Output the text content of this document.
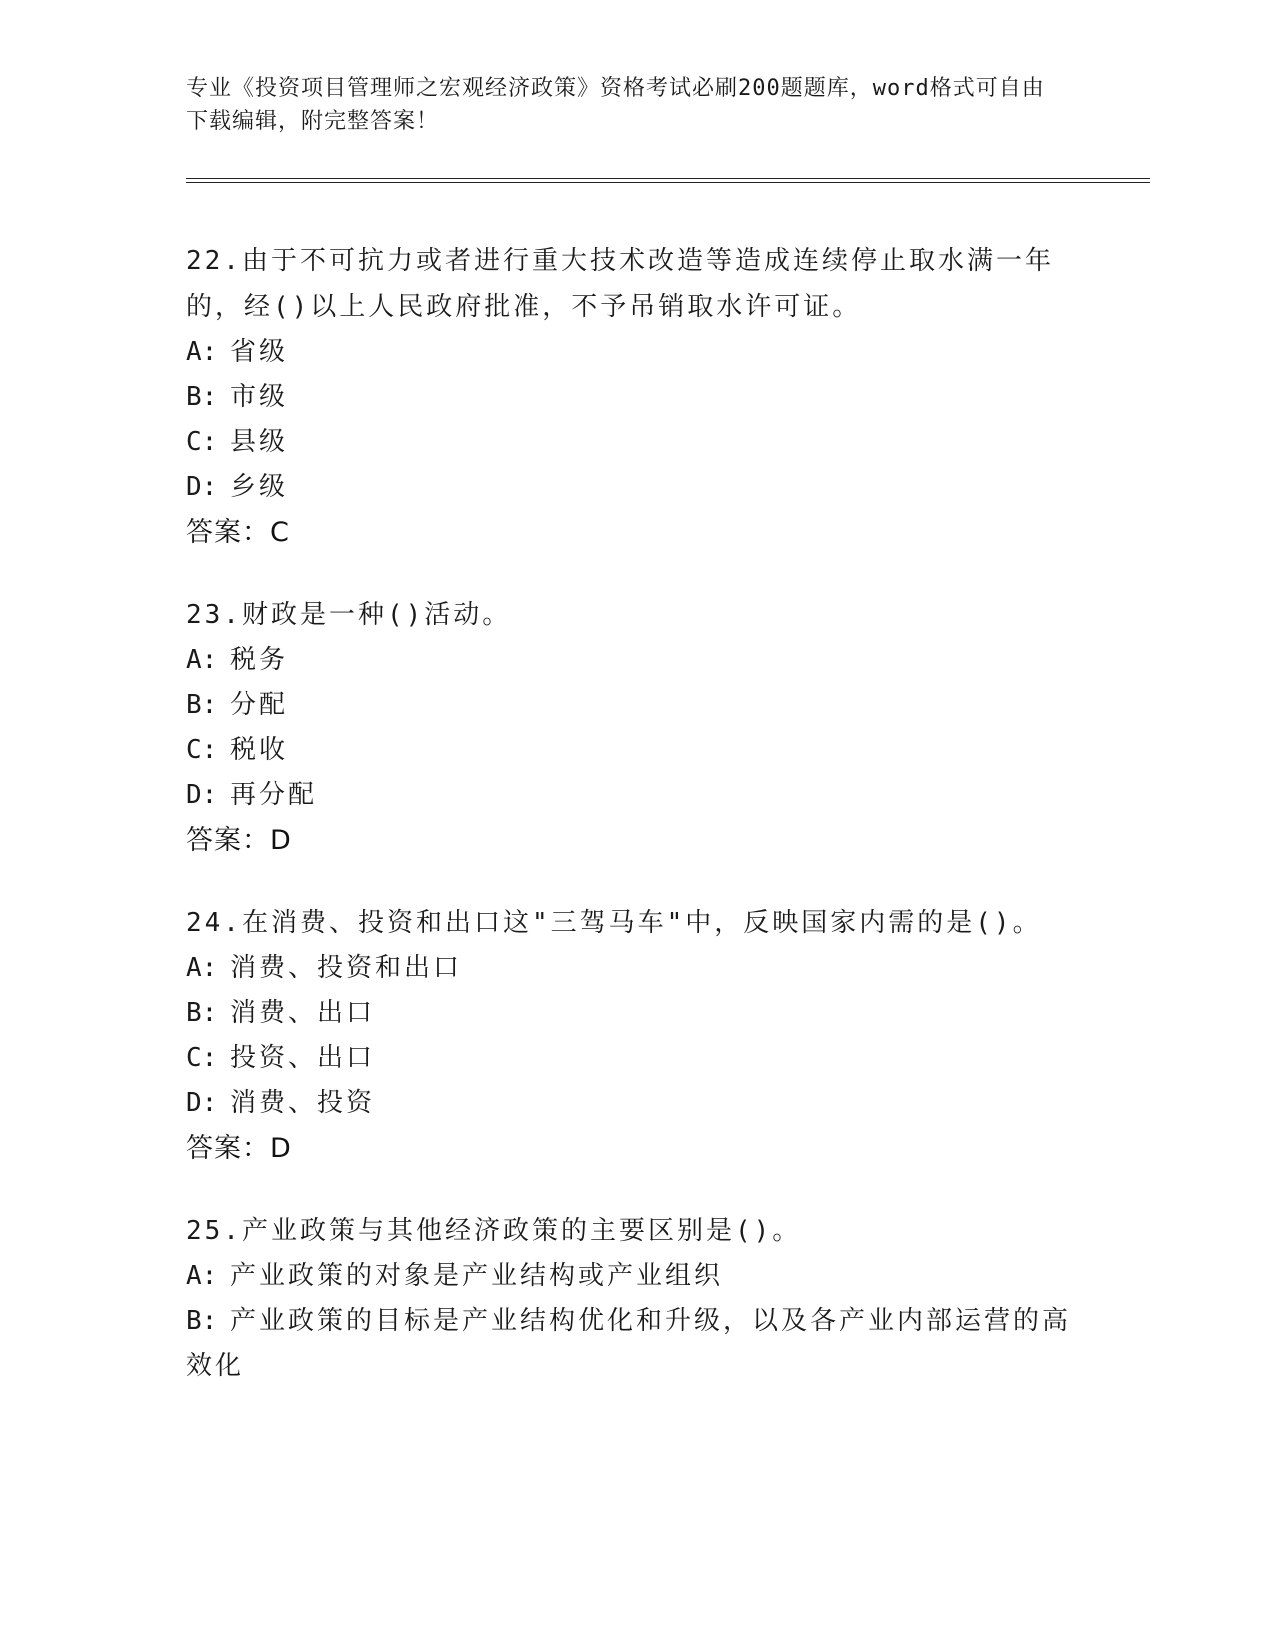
专业《投资项目管理师之宏观经济政策》资格考试必刷200题题库，word格式可自由下载编辑，附完整答案！
22.由于不可抗力或者进行重大技术改造等造成连续停止取水满一年的，经()以上人民政府批准，不予吊销取水许可证。
A: 省级
B: 市级
C: 县级
D: 乡级
答案：C
23.财政是一种()活动。
A: 税务
B: 分配
C: 税收
D: 再分配
答案：D
24.在消费、投资和出口这"三驾马车"中，反映国家内需的是()。
A: 消费、投资和出口
B: 消费、出口
C: 投资、出口
D: 消费、投资
答案：D
25.产业政策与其他经济政策的主要区别是()。
A: 产业政策的对象是产业结构或产业组织
B: 产业政策的目标是产业结构优化和升级，以及各产业内部运营的高效化
